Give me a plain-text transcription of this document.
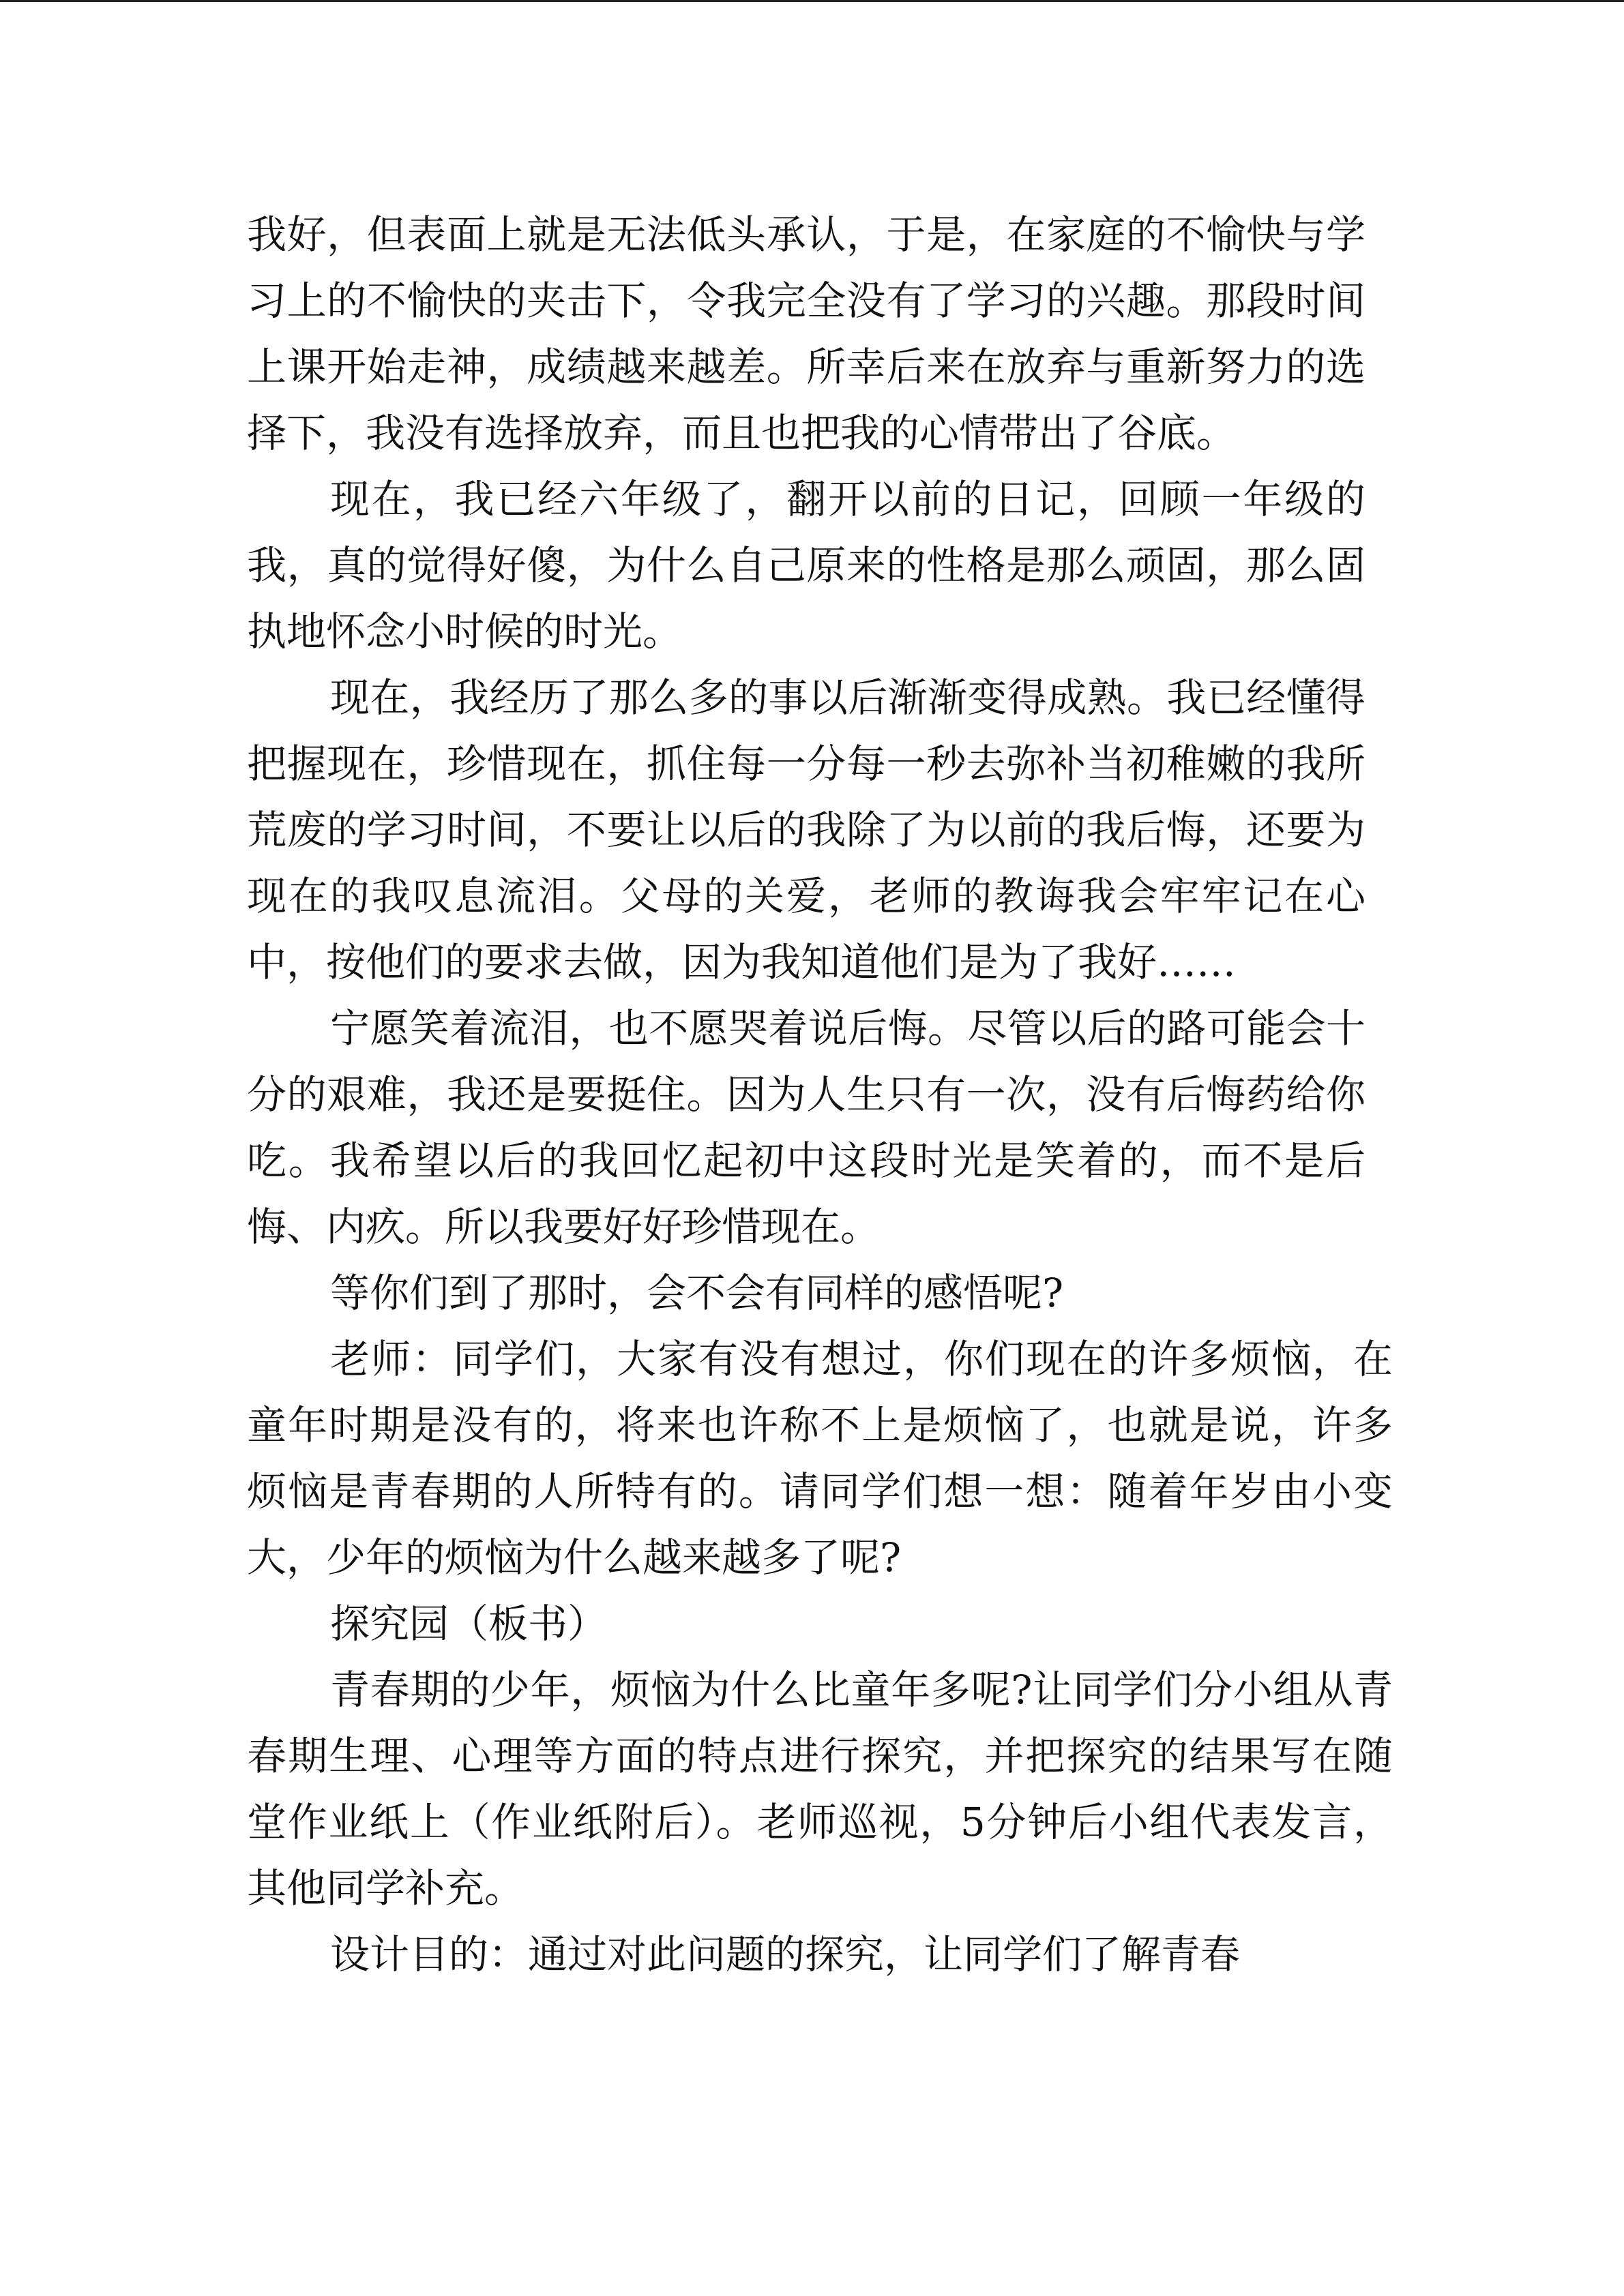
我好，但表面上就是无法低头承认，于是，在家庭的不愉快与学习上的不愉快的夹击下，令我完全没有了学习的兴趣。那段时间上课开始走神，成绩越来越差。所幸后来在放弃与重新努力的选择下，我没有选择放弃，而且也把我的心情带出了谷底。

现在，我已经六年级了，翻开以前的日记，回顾一年级的我，真的觉得好傻，为什么自己原来的性格是那么顽固，那么固执地怀念小时候的时光。

现在，我经历了那么多的事以后渐渐变得成熟。我已经懂得把握现在，珍惜现在，抓住每一分每一秒去弥补当初稚嫩的我所荒废的学习时间，不要让以后的我除了为以前的我后悔，还要为现在的我叹息流泪。父母的关爱，老师的教诲我会牢牢记在心中，按他们的要求去做，因为我知道他们是为了我好……

宁愿笑着流泪，也不愿哭着说后悔。尽管以后的路可能会十分的艰难，我还是要挺住。因为人生只有一次，没有后悔药给你吃。我希望以后的我回忆起初中这段时光是笑着的，而不是后悔、内疚。所以我要好好珍惜现在。

等你们到了那时，会不会有同样的感悟呢?

老师：同学们，大家有没有想过，你们现在的许多烦恼，在童年时期是没有的，将来也许称不上是烦恼了，也就是说，许多烦恼是青春期的人所特有的。请同学们想一想：随着年岁由小变大，少年的烦恼为什么越来越多了呢?

探究园（板书）

青春期的少年，烦恼为什么比童年多呢?让同学们分小组从青春期生理、心理等方面的特点进行探究，并把探究的结果写在随堂作业纸上（作业纸附后）。老师巡视，5分钟后小组代表发言，其他同学补充。

设计目的：通过对此问题的探究，让同学们了解青春
